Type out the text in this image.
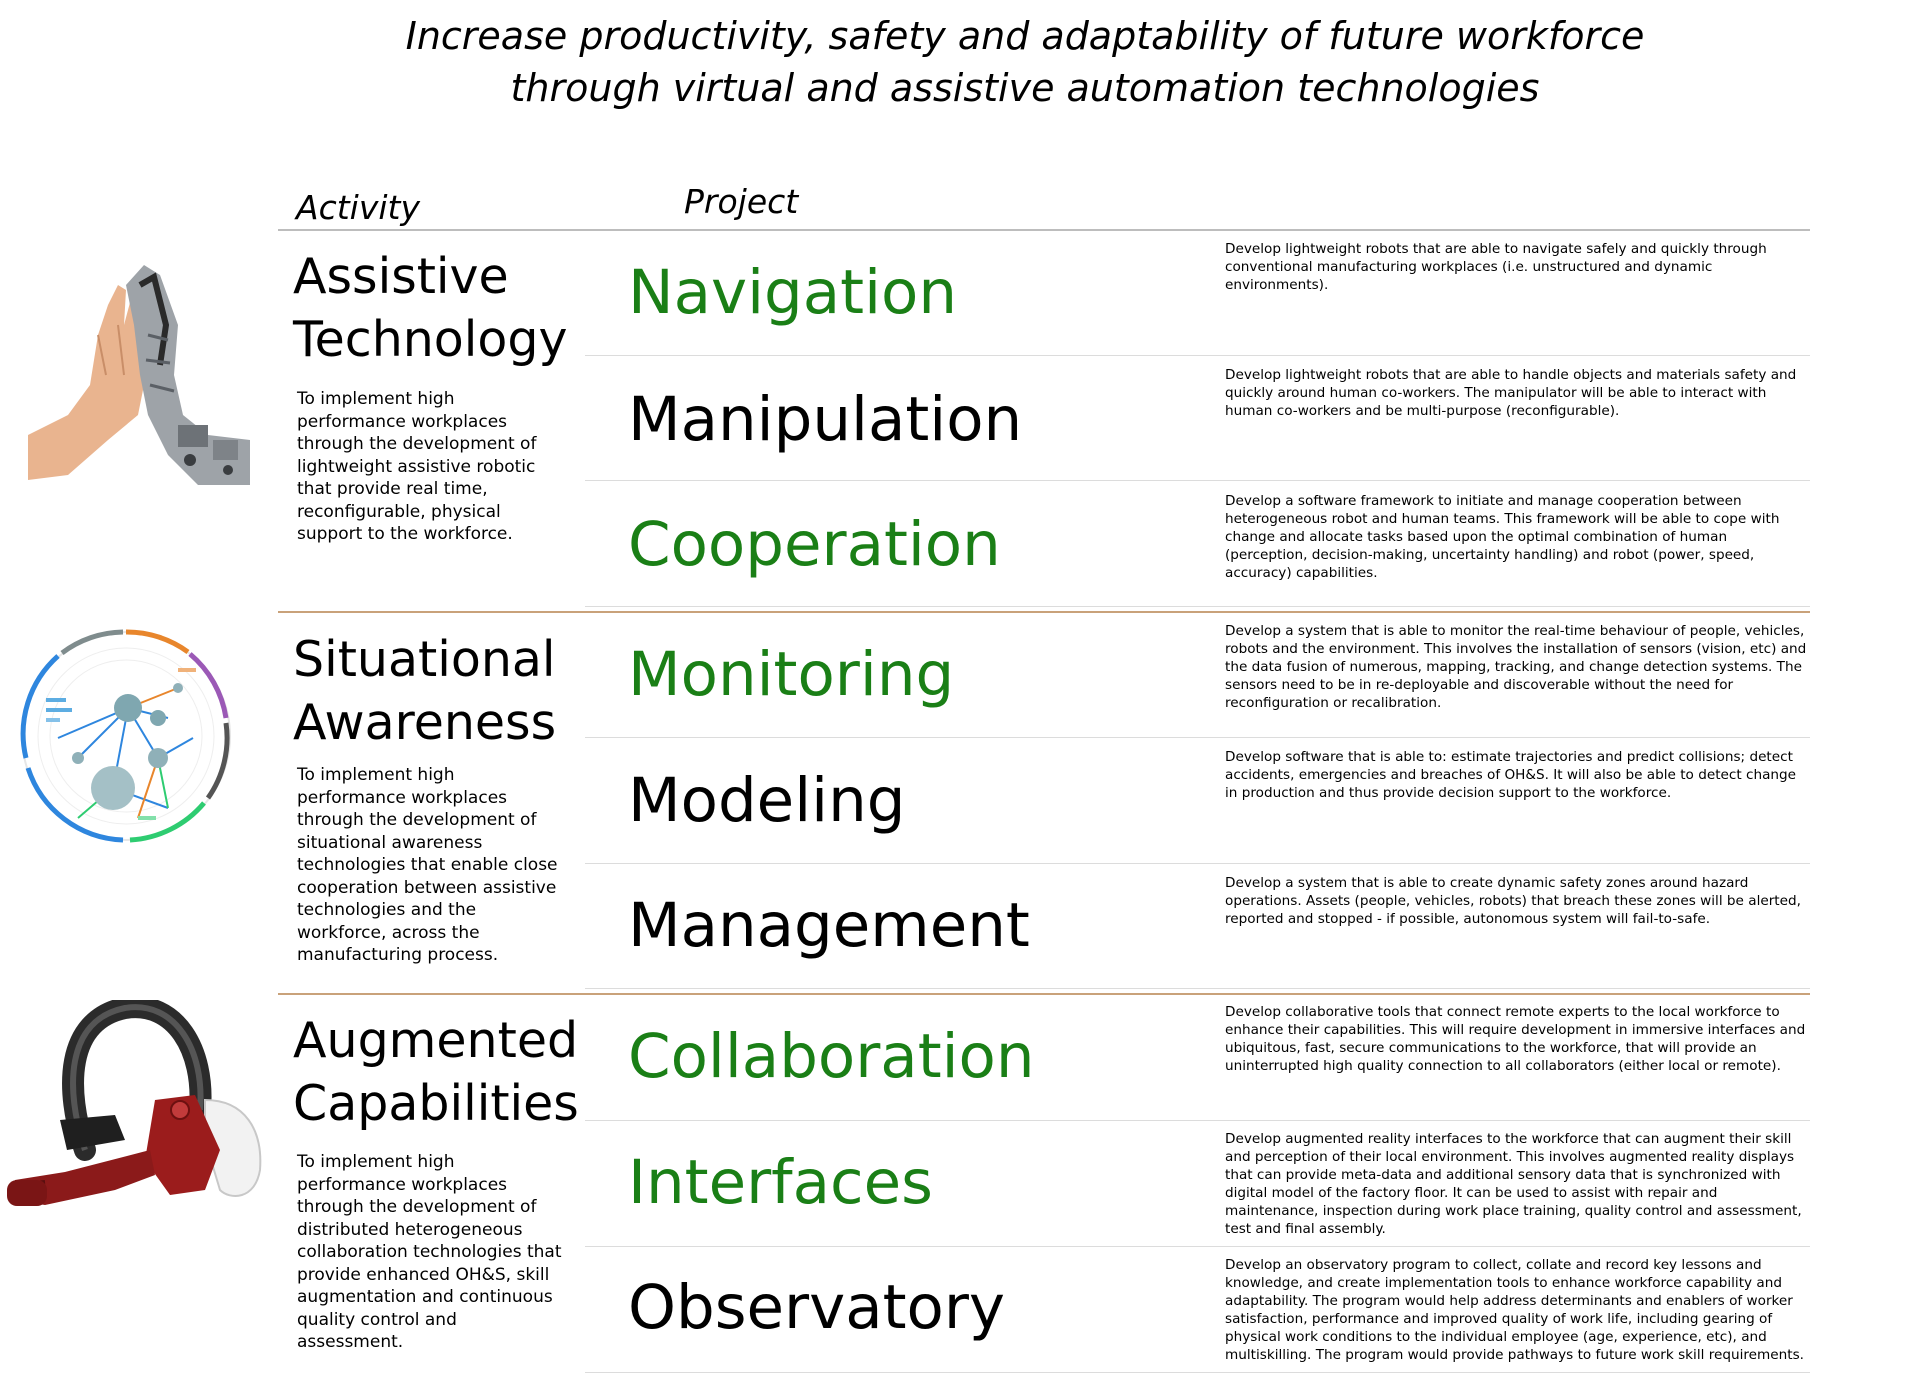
Increase productivity, safety and adaptability of future workforce
through virtual and assistive automation technologies
Activity	Project
Assistive
Technology
To implement high performance workplaces through the development of lightweight assistive robotic that provide real time, reconfigurable, physical support to the workforce.
Navigation
Manipulation
Cooperation
Develop lightweight robots that are able to navigate safely and quickly through conventional manufacturing workplaces (i.e. unstructured and dynamic environments).
Develop lightweight robots that are able to handle objects and materials safety and quickly around human co-workers. The manipulator will be able to interact with human co-workers and be multi-purpose (reconfigurable).
Develop a software framework to initiate and manage cooperation between heterogeneous robot and human teams. This framework will be able to cope with change and allocate tasks based upon the optimal combination of human (perception, decision-making, uncertainty handling) and robot (power, speed, accuracy) capabilities.
Situational
Awareness
To implement high performance workplaces through the development of situational awareness technologies that enable close cooperation between assistive technologies and the workforce, across the manufacturing process.
Monitoring
Modeling
Management
Develop a system that is able to monitor the real-time behaviour of people, vehicles, robots and the environment. This involves the installation of sensors (vision, etc) and the data fusion of numerous, mapping, tracking, and change detection systems. The sensors need to be in re-deployable and discoverable without the need for reconfiguration or recalibration.
Develop software that is able to: estimate trajectories and predict collisions; detect accidents, emergencies and breaches of OH&S. It will also be able to detect change in production and thus provide decision support to the workforce.
Develop a system that is able to create dynamic safety zones around hazard operations. Assets (people, vehicles, robots) that breach these zones will be alerted, reported and stopped - if possible, autonomous system will fail-to-safe.
Augmented
Capabilities
To implement high performance workplaces through the development of distributed heterogeneous collaboration technologies that provide enhanced OH&S, skill augmentation and continuous quality control and assessment.
Collaboration
Interfaces
Observatory
Develop collaborative tools that connect remote experts to the local workforce to enhance their capabilities. This will require development in immersive interfaces and ubiquitous, fast, secure communications to the workforce, that will provide an uninterrupted high quality connection to all collaborators (either local or remote).
Develop augmented reality interfaces to the workforce that can augment their skill and perception of their local environment. This involves augmented reality displays that can provide meta-data and additional sensory data that is synchronized with digital model of the factory floor. It can be used to assist with repair and maintenance, inspection during work place training, quality control and assessment, test and final assembly.
Develop an observatory program to collect, collate and record key lessons and knowledge, and create implementation tools to enhance workforce capability and adaptability. The program would help address determinants and enablers of worker satisfaction, performance and improved quality of work life, including gearing of physical work conditions to the individual employee (age, experience, etc), and multiskilling. The program would provide pathways to future work skill requirements.
